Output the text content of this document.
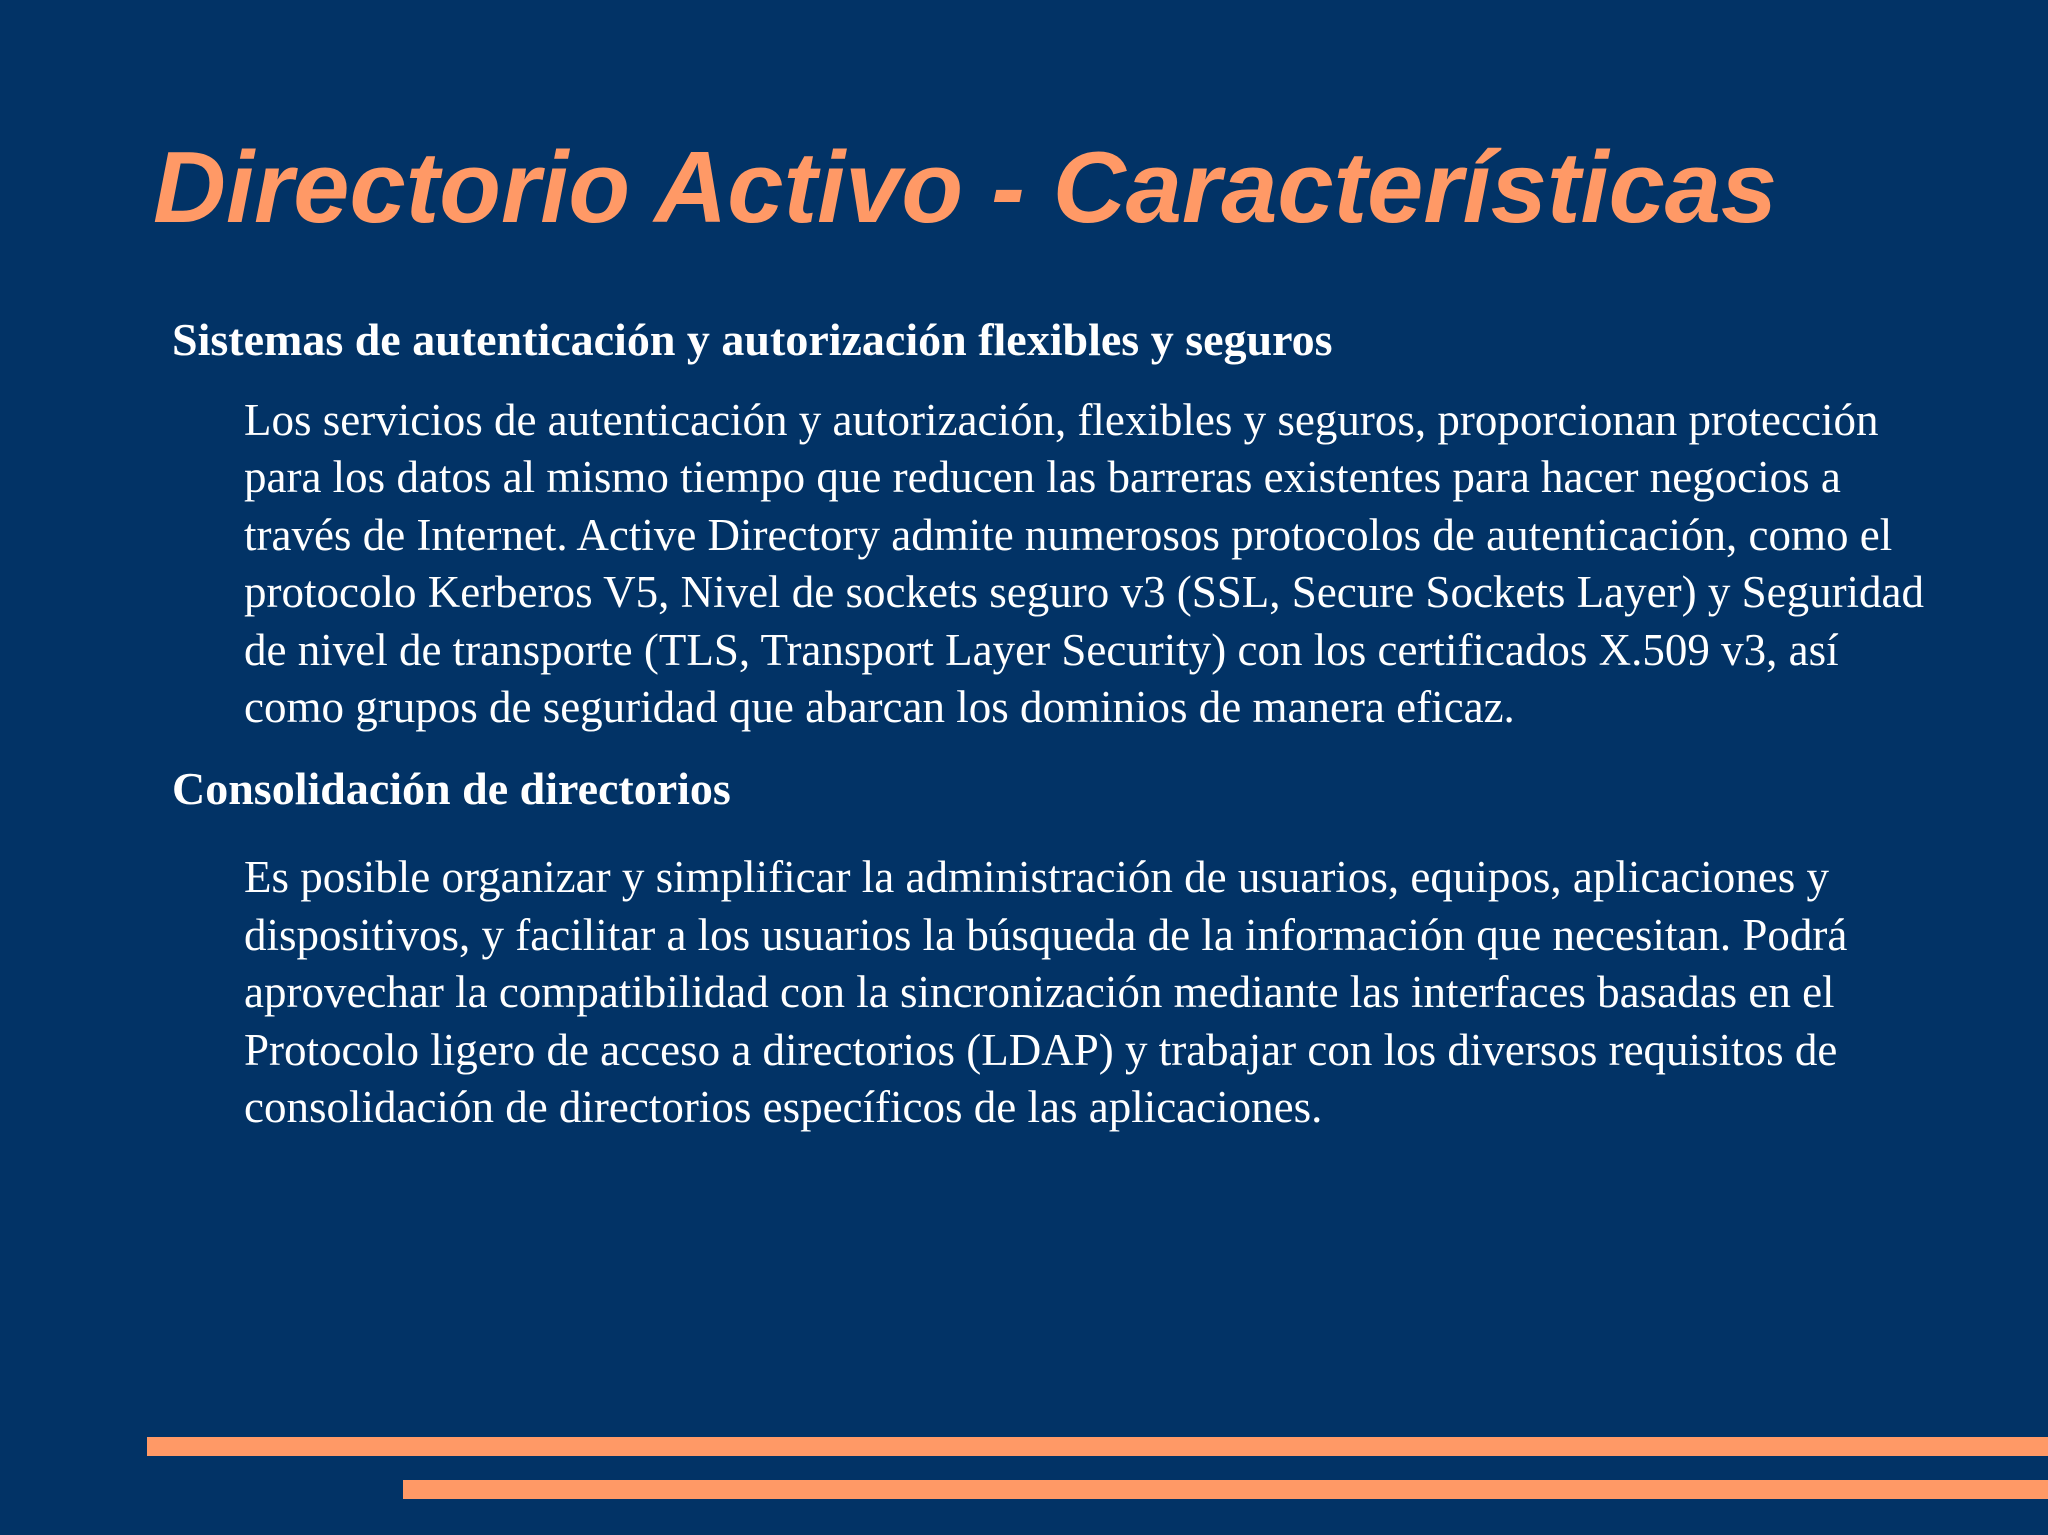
Directorio Activo - Características

Sistemas de autenticación y autorización flexibles y seguros

Los servicios de autenticación y autorización, flexibles y seguros, proporcionan protección para los datos al mismo tiempo que reducen las barreras existentes para hacer negocios a través de Internet. Active Directory admite numerosos protocolos de autenticación, como el protocolo Kerberos V5, Nivel de sockets seguro v3 (SSL, Secure Sockets Layer) y Seguridad de nivel de transporte (TLS, Transport Layer Security) con los certificados X.509 v3, así como grupos de seguridad que abarcan los dominios de manera eficaz.

Consolidación de directorios

Es posible organizar y simplificar la administración de usuarios, equipos, aplicaciones y dispositivos, y facilitar a los usuarios la búsqueda de la información que necesitan. Podrá aprovechar la compatibilidad con la sincronización mediante las interfaces basadas en el Protocolo ligero de acceso a directorios (LDAP) y trabajar con los diversos requisitos de consolidación de directorios específicos de las aplicaciones.
